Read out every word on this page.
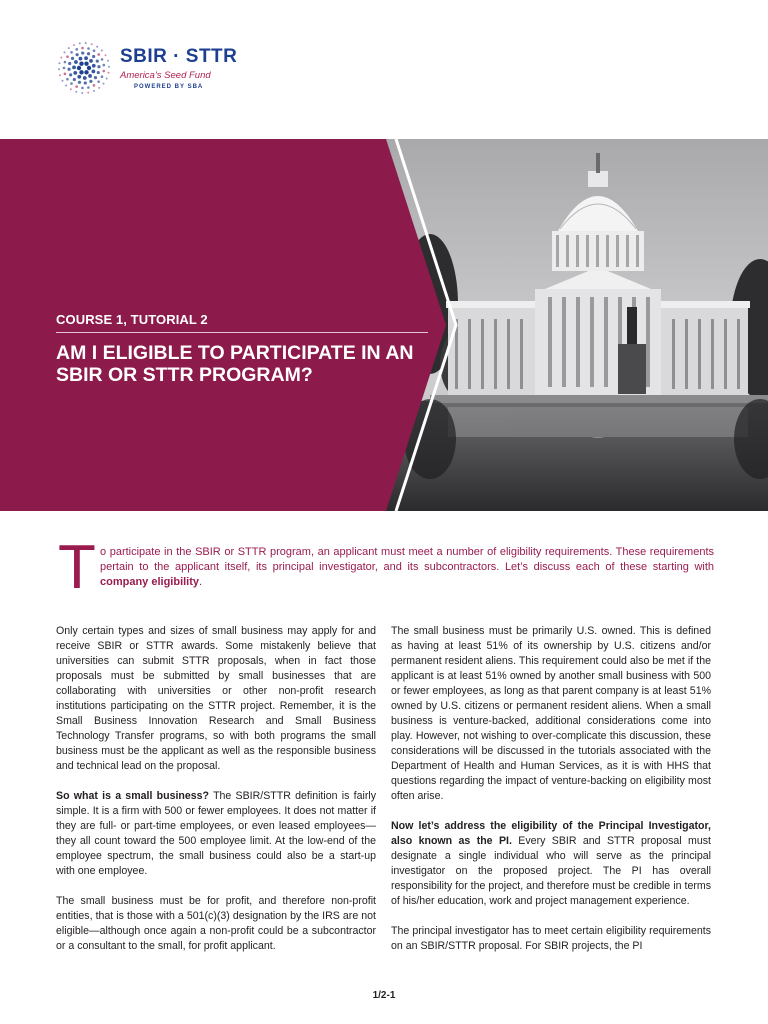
SBIR · STTR
America’s Seed Fund
POWERED BY SBA
COURSE 1, TUTORIAL 2
AM I ELIGIBLE TO PARTICIPATE IN AN SBIR OR STTR PROGRAM?
T o participate in the SBIR or STTR program, an applicant must meet a number of eligibility requirements. These requirements pertain to the applicant itself, its principal investigator, and its subcontractors. Let’s discuss each of these starting with company eligibility.

Only certain types and sizes of small business may apply for and receive SBIR or STTR awards. Some mistakenly believe that universities can submit STTR proposals, when in fact those proposals must be submitted by small businesses that are collaborating with universities or other non-profit research institutions participating on the STTR project. Remember, it is the Small Business Innovation Research and Small Business Technology Transfer programs, so with both programs the small business must be the applicant as well as the responsible business and technical lead on the proposal.

So what is a small business? The SBIR/STTR definition is fairly simple. It is a firm with 500 or fewer employees. It does not matter if they are full- or part-time employees, or even leased employees—they all count toward the 500 employee limit. At the low-end of the employee spectrum, the small business could also be a start-up with one employee.

The small business must be for profit, and therefore non-profit entities, that is those with a 501(c)(3) designation by the IRS are not eligible—although once again a non-profit could be a subcontractor or a consultant to the small, for profit applicant.

The small business must be primarily U.S. owned. This is defined as having at least 51% of its ownership by U.S. citizens and/or permanent resident aliens. This requirement could also be met if the applicant is at least 51% owned by another small business with 500 or fewer employees, as long as that parent company is at least 51% owned by U.S. citizens or permanent resident aliens. When a small business is venture-backed, additional considerations come into play. However, not wishing to over-complicate this discussion, these considerations will be discussed in the tutorials associated with the Department of Health and Human Services, as it is with HHS that questions regarding the impact of venture-backing on eligibility most often arise.

Now let’s address the eligibility of the Principal Investigator, also known as the PI. Every SBIR and STTR proposal must designate a single individual who will serve as the principal investigator on the proposed project. The PI has overall responsibility for the project, and therefore must be credible in terms of his/her education, work and project management experience.

The principal investigator has to meet certain eligibility requirements on an SBIR/STTR proposal. For SBIR projects, the PI

1/2-1
